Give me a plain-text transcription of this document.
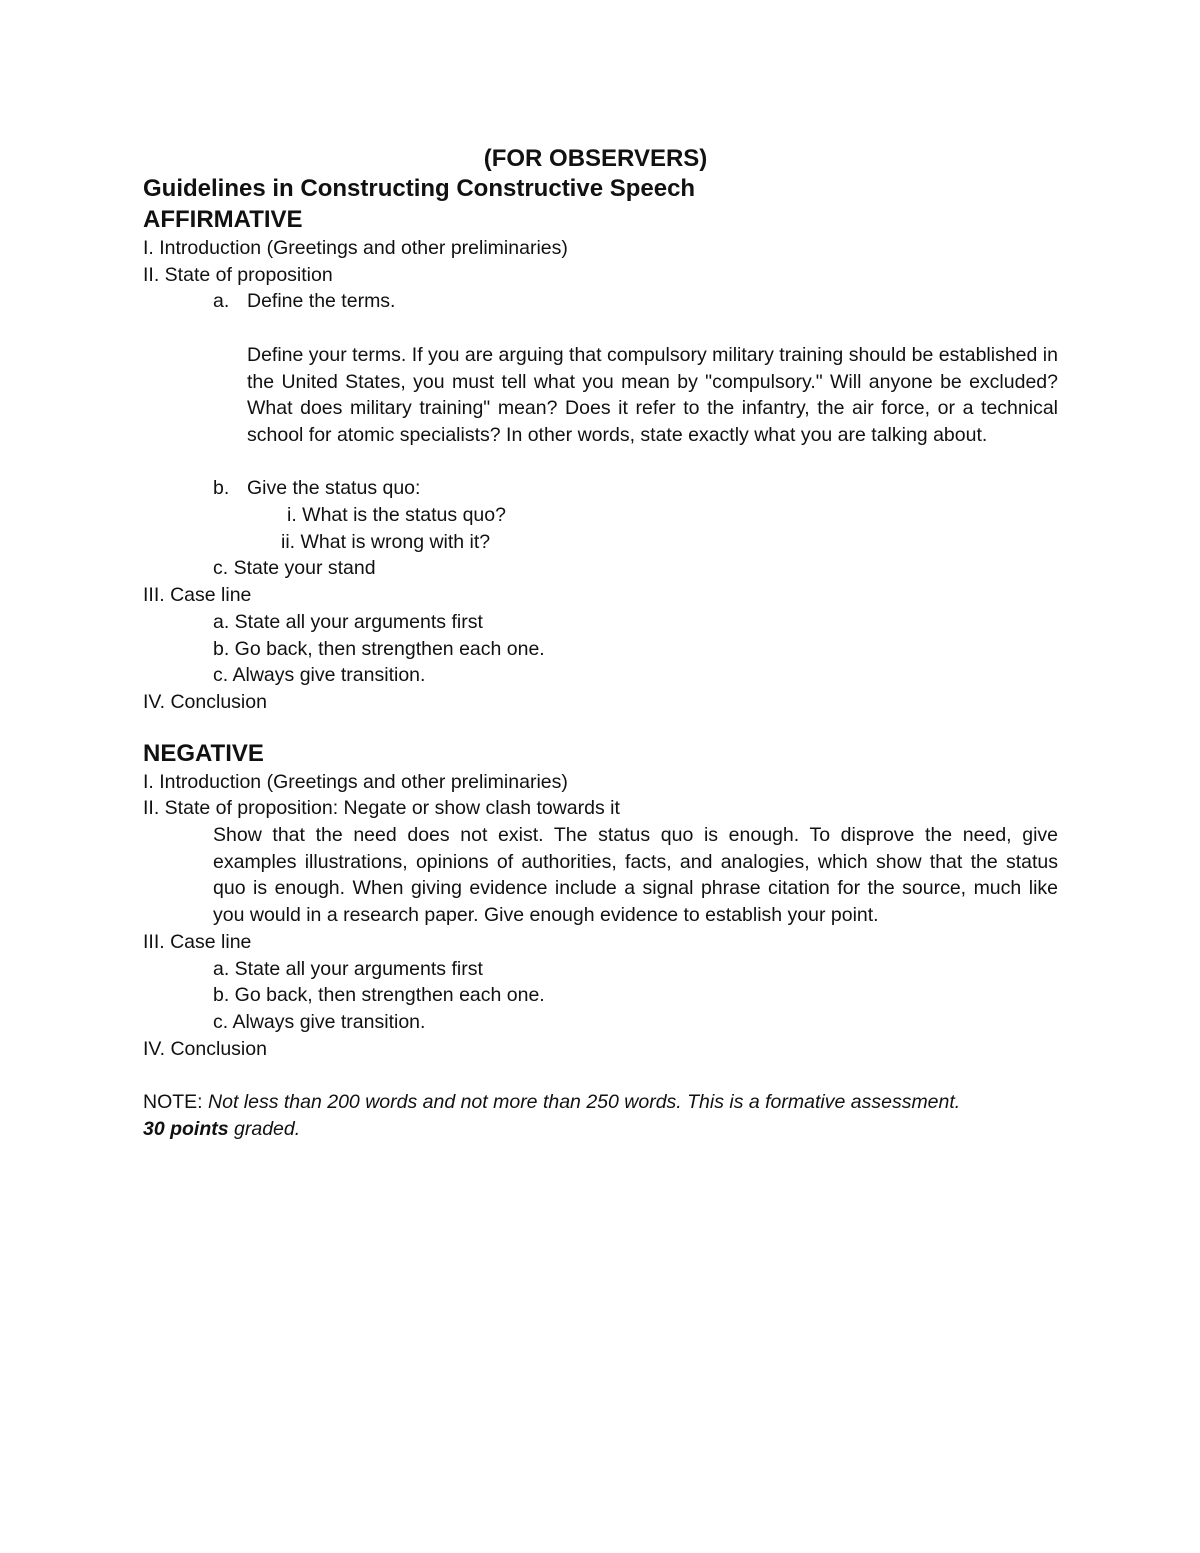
(FOR OBSERVERS)
Guidelines in Constructing Constructive Speech
AFFIRMATIVE
I. Introduction (Greetings and other preliminaries)
II. State of proposition
a. Define the terms.
Define your terms. If you are arguing that compulsory military training should be established in the United States, you must tell what you mean by "compulsory." Will anyone be excluded? What does military training" mean? Does it refer to the infantry, the air force, or a technical school for atomic specialists? In other words, state exactly what you are talking about.
b. Give the status quo:
i. What is the status quo?
ii. What is wrong with it?
c. State your stand
III. Case line
a. State all your arguments first
b. Go back, then strengthen each one.
c. Always give transition.
IV. Conclusion
NEGATIVE
I. Introduction (Greetings and other preliminaries)
II. State of proposition: Negate or show clash towards it
Show that the need does not exist. The status quo is enough. To disprove the need, give examples illustrations, opinions of authorities, facts, and analogies, which show that the status quo is enough. When giving evidence include a signal phrase citation for the source, much like you would in a research paper. Give enough evidence to establish your point.
III. Case line
a. State all your arguments first
b. Go back, then strengthen each one.
c. Always give transition.
IV. Conclusion
NOTE: Not less than 200 words and not more than 250 words. This is a formative assessment.
30 points graded.
